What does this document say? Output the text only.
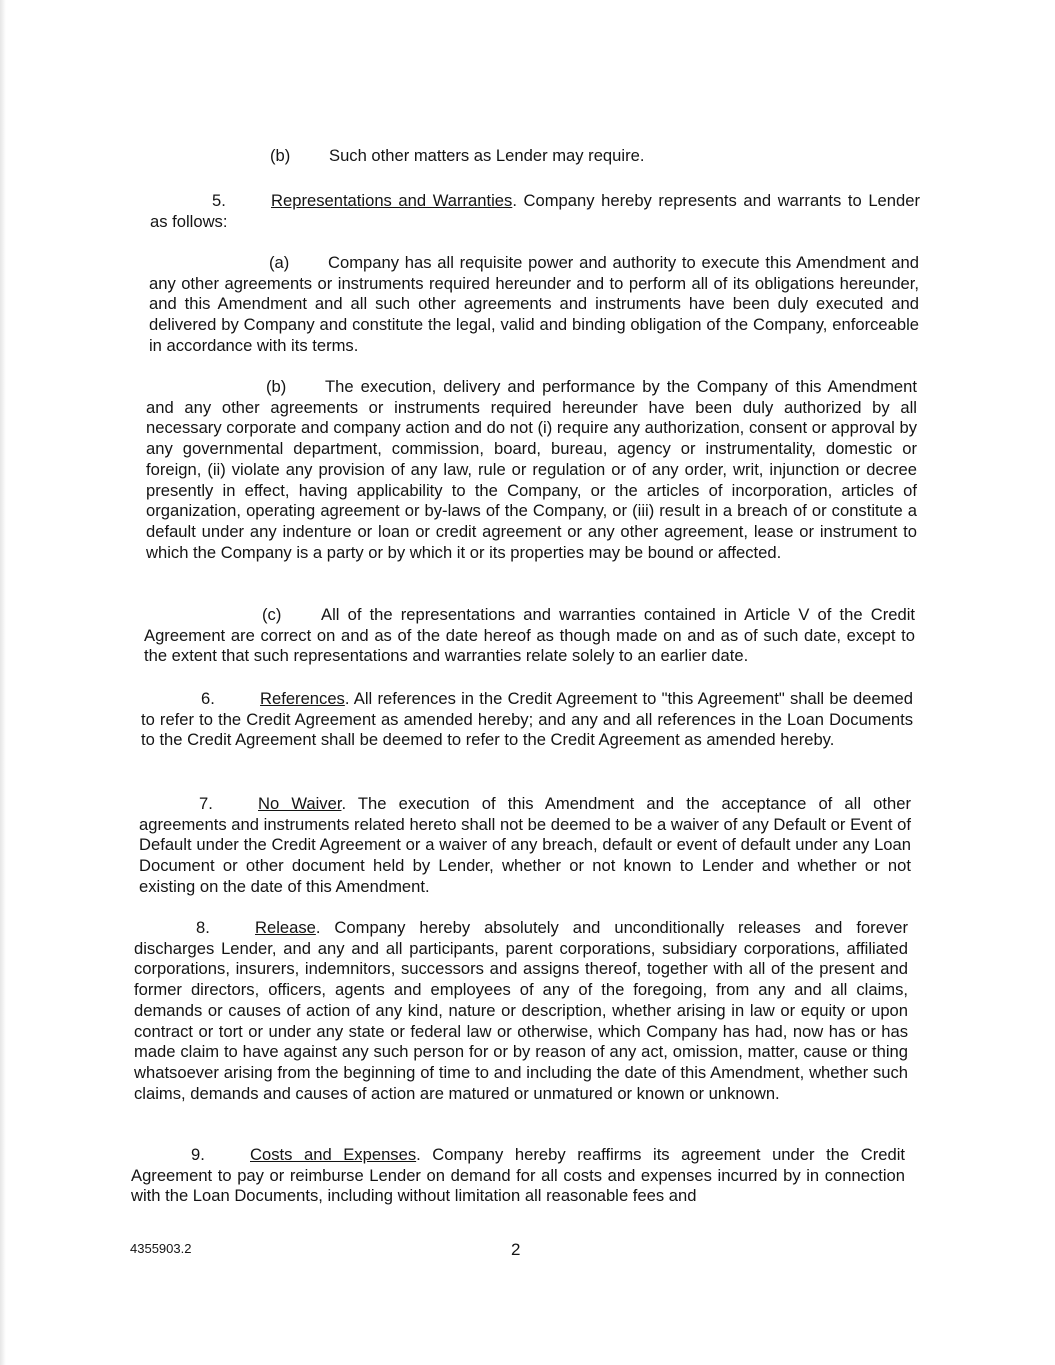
(b) Such other matters as Lender may require.
5.	Representations and Warranties. Company hereby represents and warrants to Lender as follows:
(a) Company has all requisite power and authority to execute this Amendment and any other agreements or instruments required hereunder and to perform all of its obligations hereunder, and this Amendment and all such other agreements and instruments have been duly executed and delivered by Company and constitute the legal, valid and binding obligation of the Company, enforceable in accordance with its terms.
(b) The execution, delivery and performance by the Company of this Amendment and any other agreements or instruments required hereunder have been duly authorized by all necessary corporate and company action and do not (i) require any authorization, consent or approval by any governmental department, commission, board, bureau, agency or instrumentality, domestic or foreign, (ii) violate any provision of any law, rule or regulation or of any order, writ, injunction or decree presently in effect, having applicability to the Company, or the articles of incorporation, articles of organization, operating agreement or by-laws of the Company, or (iii) result in a breach of or constitute a default under any indenture or loan or credit agreement or any other agreement, lease or instrument to which the Company is a party or by which it or its properties may be bound or affected.
(c) All of the representations and warranties contained in Article V of the Credit Agreement are correct on and as of the date hereof as though made on and as of such date, except to the extent that such representations and warranties relate solely to an earlier date.
6.	References. All references in the Credit Agreement to "this Agreement" shall be deemed to refer to the Credit Agreement as amended hereby; and any and all references in the Loan Documents to the Credit Agreement shall be deemed to refer to the Credit Agreement as amended hereby.
7.	No Waiver. The execution of this Amendment and the acceptance of all other agreements and instruments related hereto shall not be deemed to be a waiver of any Default or Event of Default under the Credit Agreement or a waiver of any breach, default or event of default under any Loan Document or other document held by Lender, whether or not known to Lender and whether or not existing on the date of this Amendment.
8.	Release. Company hereby absolutely and unconditionally releases and forever discharges Lender, and any and all participants, parent corporations, subsidiary corporations, affiliated corporations, insurers, indemnitors, successors and assigns thereof, together with all of the present and former directors, officers, agents and employees of any of the foregoing, from any and all claims, demands or causes of action of any kind, nature or description, whether arising in law or equity or upon contract or tort or under any state or federal law or otherwise, which Company has had, now has or has made claim to have against any such person for or by reason of any act, omission, matter, cause or thing whatsoever arising from the beginning of time to and including the date of this Amendment, whether such claims, demands and causes of action are matured or unmatured or known or unknown.
9.	Costs and Expenses. Company hereby reaffirms its agreement under the Credit Agreement to pay or reimburse Lender on demand for all costs and expenses incurred by in connection with the Loan Documents, including without limitation all reasonable fees and
4355903.2	2
